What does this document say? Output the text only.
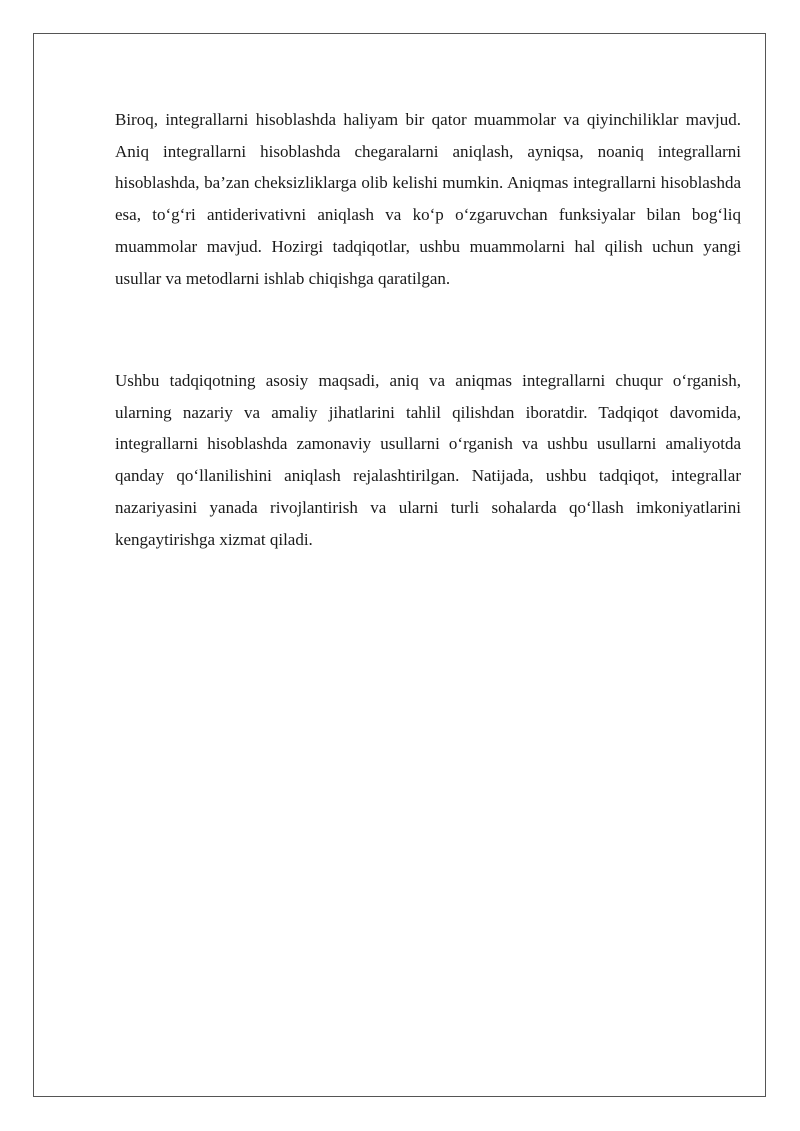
Biroq, integrallarni hisoblashda haliyam bir qator muammolar va qiyinchiliklar mavjud. Aniq integrallarni hisoblashda chegaralarni aniqlash, ayniqsa, noaniq integrallarni hisoblashda, ba’zan cheksizliklarga olib kelishi mumkin. Aniqmas integrallarni hisoblashda esa, to‘g‘ri antiderivativni aniqlash va ko‘p o‘zgaruvchan funksiyalar bilan bog‘liq muammolar mavjud. Hozirgi tadqiqotlar, ushbu muammolarni hal qilish uchun yangi usullar va metodlarni ishlab chiqishga qaratilgan.

Ushbu tadqiqotning asosiy maqsadi, aniq va aniqmas integrallarni chuqur o‘rganish, ularning nazariy va amaliy jihatlarini tahlil qilishdan iboratdir. Tadqiqot davomida, integrallarni hisoblashda zamonaviy usullarni o‘rganish va ushbu usullarni amaliyotda qanday qo‘llanilishini aniqlash rejalashtirilgan. Natijada, ushbu tadqiqot, integrallar nazariyasini yanada rivojlantirish va ularni turli sohalarda qo‘llash imkoniyatlarini kengaytirishga xizmat qiladi.
